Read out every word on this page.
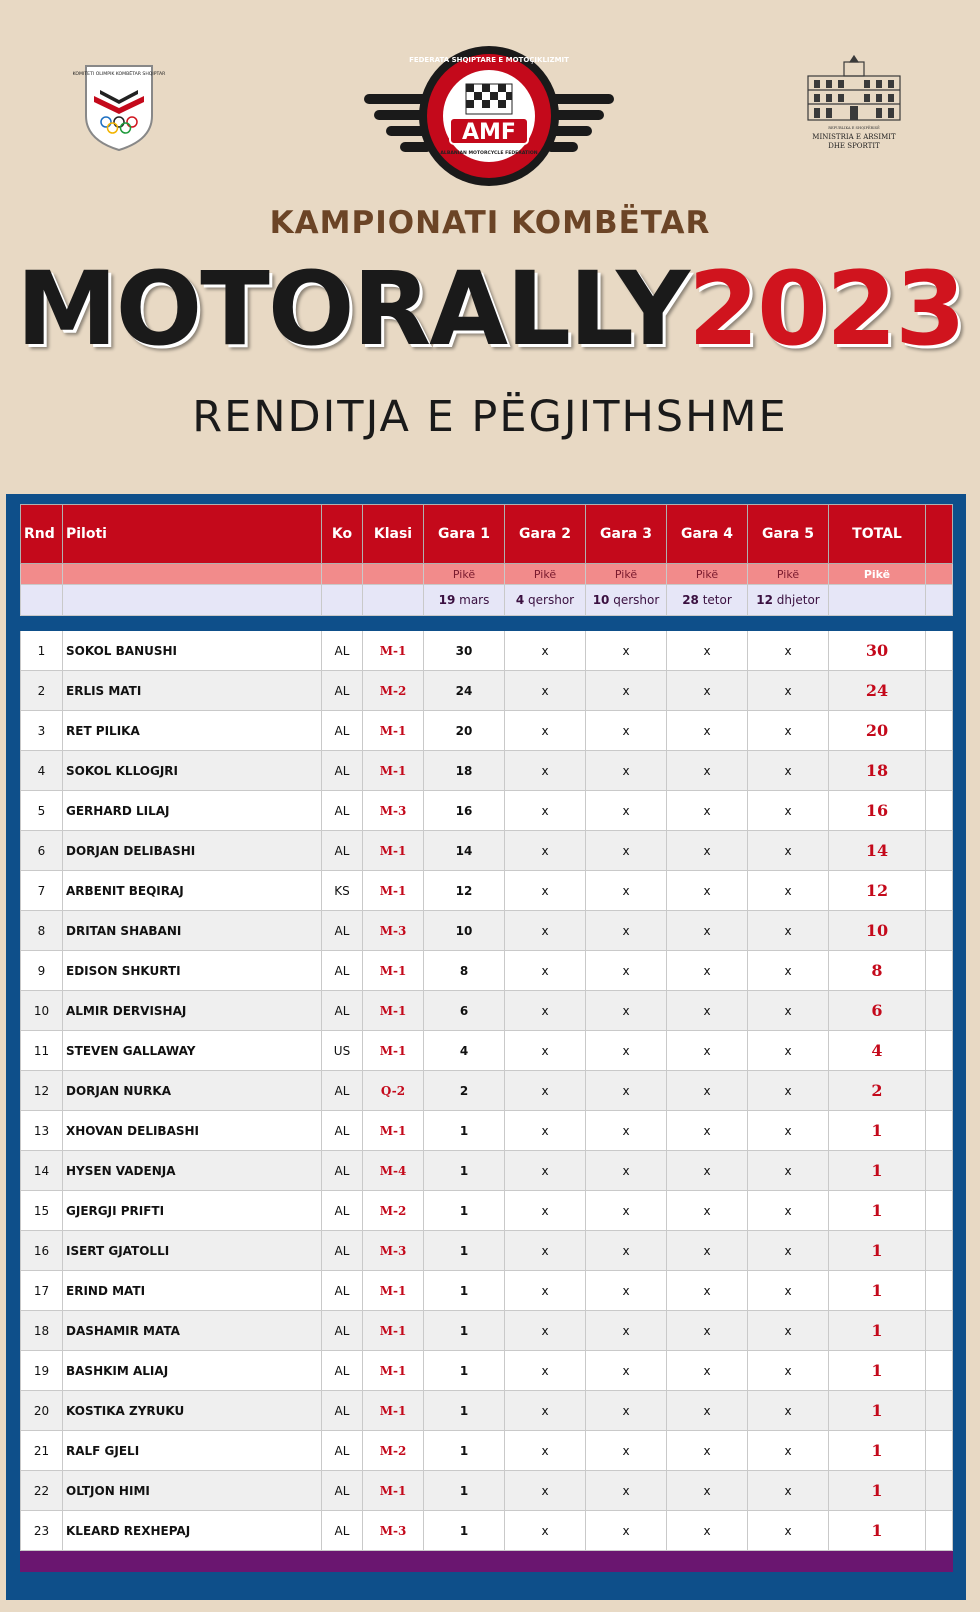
KOMITETI OLIMPIK KOMBËTAR SHQIPTAR
FEDERATA SHQIPTARE E MOTOÇIKLIZMIT
AMF
ALBANIAN MOTORCYCLE FEDERATION
REPUBLIKA E SHQIPËRISË
MINISTRIA E ARSIMIT
DHE SPORTIT
KAMPIONATI KOMBËTAR
MOTORALLY2023
RENDITJA E PËGJITHSHME
Rnd	Piloti	Ko	Klasi	Gara 1	Gara 2	Gara 3	Gara 4	Gara 5	TOTAL	
				Pikë	Pikë	Pikë	Pikë	Pikë	Pikë	
				19 mars	4 qershor	10 qershor	28 tetor	12 dhjetor		

1	SOKOL BANUSHI	AL	M-1	30	x	x	x	x	30	
2	ERLIS MATI	AL	M-2	24	x	x	x	x	24	
3	RET PILIKA	AL	M-1	20	x	x	x	x	20	
4	SOKOL KLLOGJRI	AL	M-1	18	x	x	x	x	18	
5	GERHARD LILAJ	AL	M-3	16	x	x	x	x	16	
6	DORJAN DELIBASHI	AL	M-1	14	x	x	x	x	14	
7	ARBENIT BEQIRAJ	KS	M-1	12	x	x	x	x	12	
8	DRITAN SHABANI	AL	M-3	10	x	x	x	x	10	
9	EDISON SHKURTI	AL	M-1	8	x	x	x	x	8	
10	ALMIR DERVISHAJ	AL	M-1	6	x	x	x	x	6	
11	STEVEN GALLAWAY	US	M-1	4	x	x	x	x	4	
12	DORJAN NURKA	AL	Q-2	2	x	x	x	x	2	
13	XHOVAN DELIBASHI	AL	M-1	1	x	x	x	x	1	
14	HYSEN VADENJA	AL	M-4	1	x	x	x	x	1	
15	GJERGJI PRIFTI	AL	M-2	1	x	x	x	x	1	
16	ISERT GJATOLLI	AL	M-3	1	x	x	x	x	1	
17	ERIND MATI	AL	M-1	1	x	x	x	x	1	
18	DASHAMIR MATA	AL	M-1	1	x	x	x	x	1	
19	BASHKIM ALIAJ	AL	M-1	1	x	x	x	x	1	
20	KOSTIKA ZYRUKU	AL	M-1	1	x	x	x	x	1	
21	RALF GJELI	AL	M-2	1	x	x	x	x	1	
22	OLTJON HIMI	AL	M-1	1	x	x	x	x	1	
23	KLEARD REXHEPAJ	AL	M-3	1	x	x	x	x	1	
